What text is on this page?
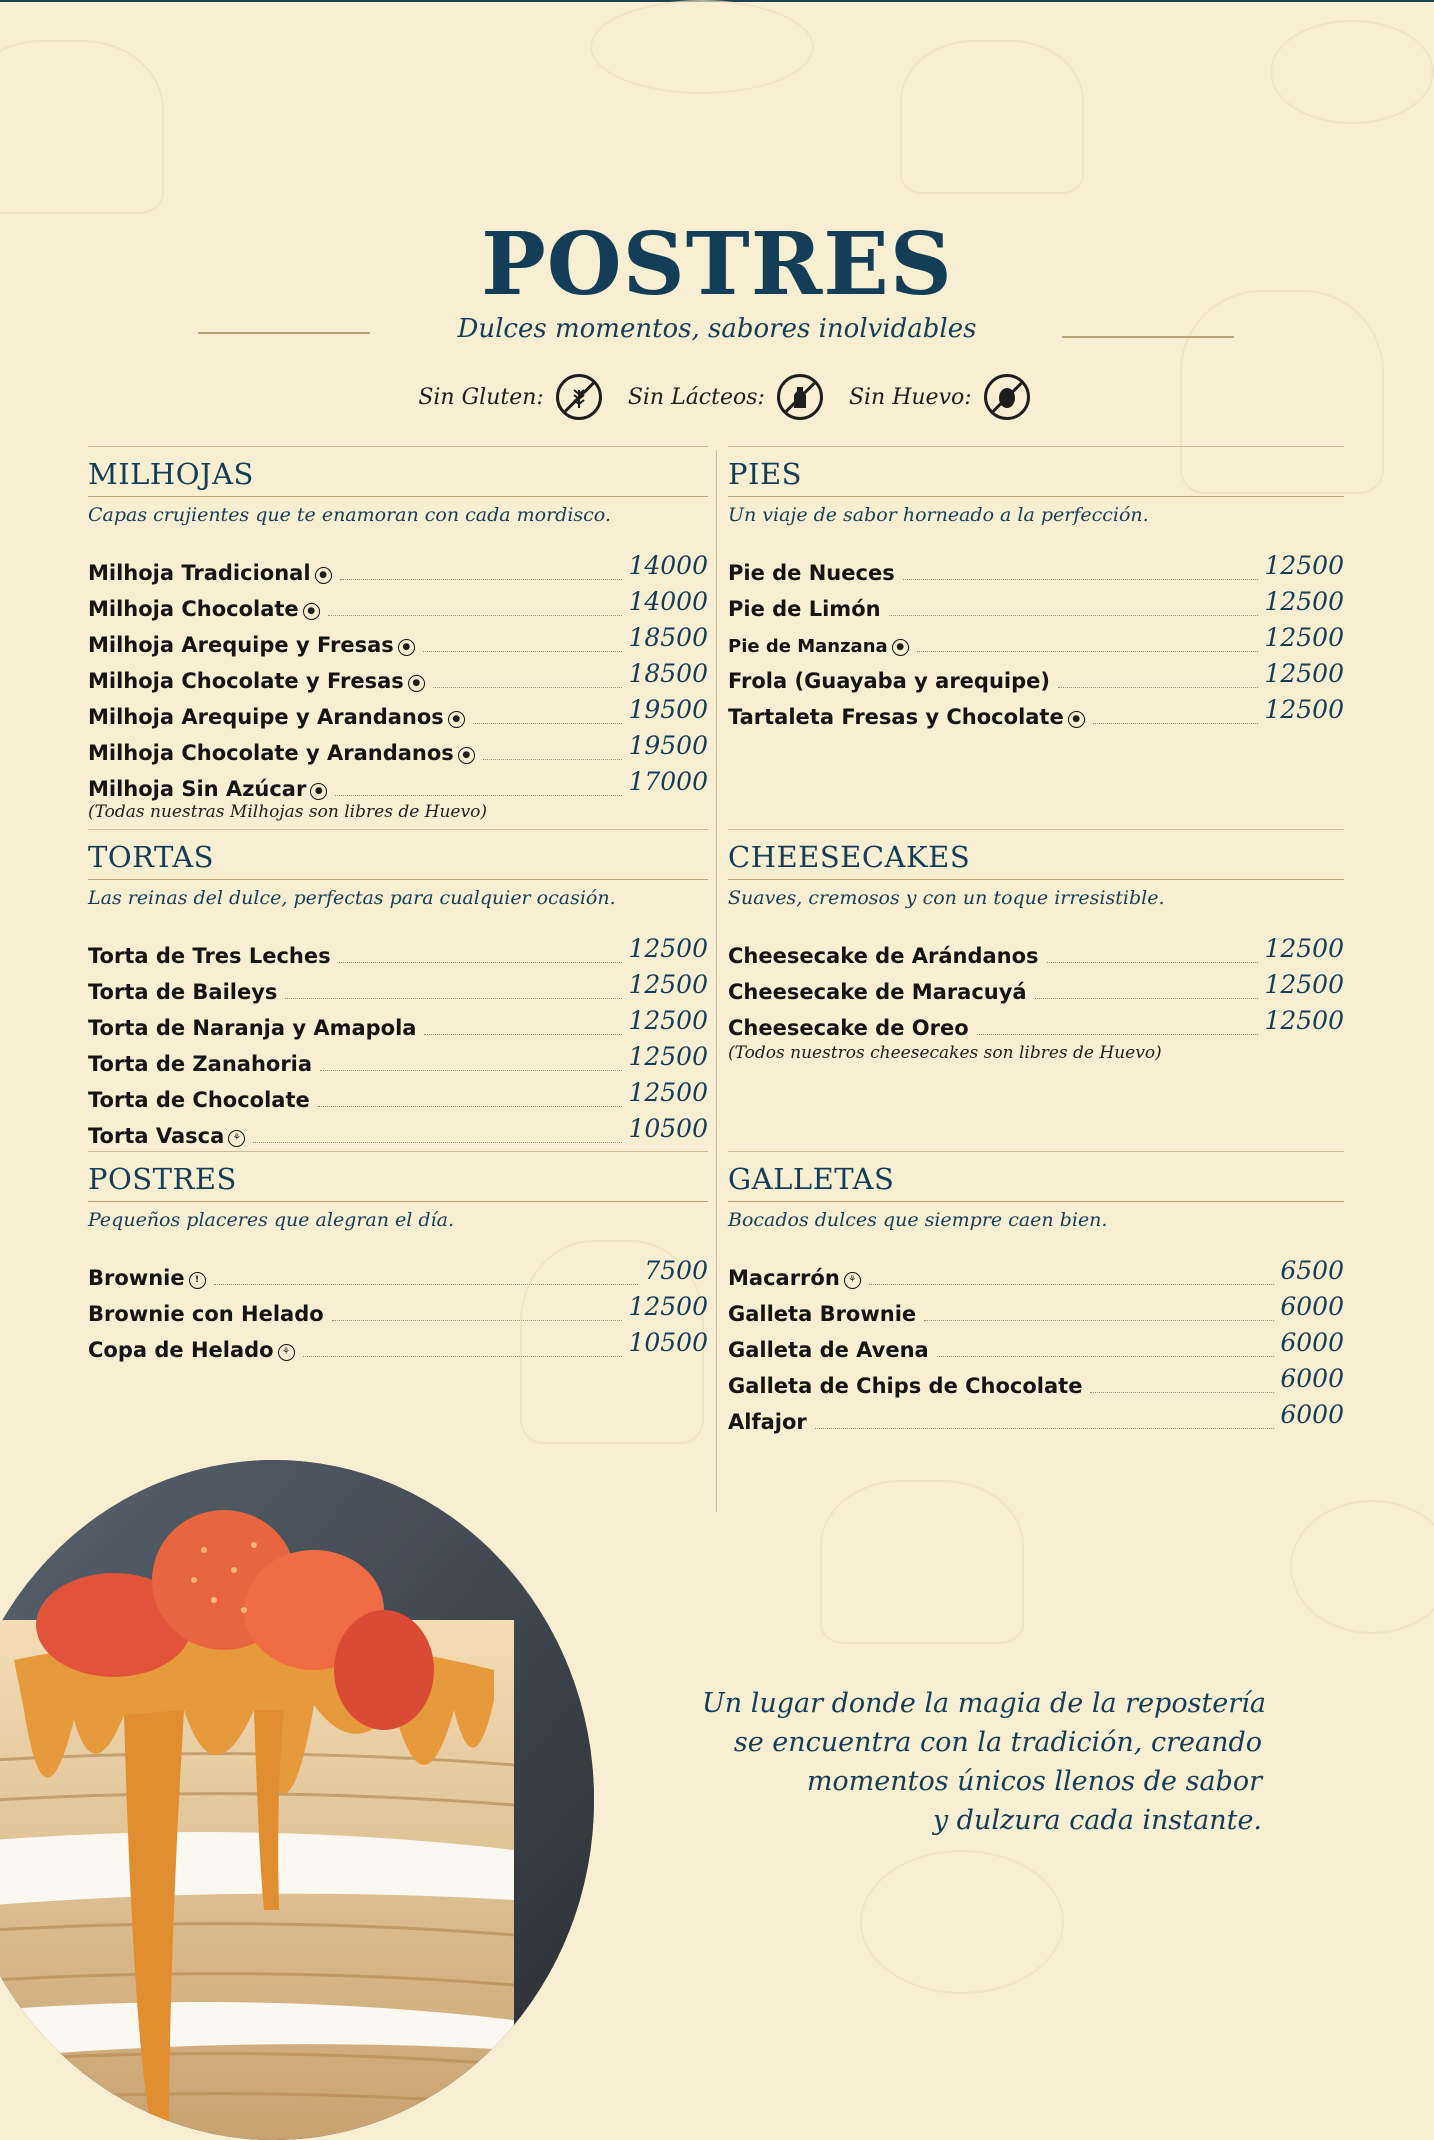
POSTRES
Dulces momentos, sabores inolvidables
Sin Gluten:	Sin Lácteos:	Sin Huevo:
MILHOJAS
Capas crujientes que te enamoran con cada mordisco.
Milhoja Tradicional ●	14000
Milhoja Chocolate ●	14000
Milhoja Arequipe y Fresas ●	18500
Milhoja Chocolate y Fresas ●	18500
Milhoja Arequipe y Arandanos ●	19500
Milhoja Chocolate y Arandanos ●	19500
Milhoja Sin Azúcar ●	17000
(Todas nuestras Milhojas son libres de Huevo)
PIES
Un viaje de sabor horneado a la perfección.
Pie de Nueces	12500
Pie de Limón	12500
Pie de Manzana ●	12500
Frola (Guayaba y arequipe)	12500
Tartaleta Fresas y Chocolate ●	12500
TORTAS
Las reinas del dulce, perfectas para cualquier ocasión.
Torta de Tres Leches	12500
Torta de Baileys	12500
Torta de Naranja y Amapola	12500
Torta de Zanahoria	12500
Torta de Chocolate	12500
Torta Vasca ⚘	10500
CHEESECAKES
Suaves, cremosos y con un toque irresistible.
Cheesecake de Arándanos	12500
Cheesecake de Maracuyá	12500
Cheesecake de Oreo	12500
(Todos nuestros cheesecakes son libres de Huevo)
POSTRES
Pequeños placeres que alegran el día.
Brownie	!	7500
Brownie con Helado	12500
Copa de Helado ⚘	10500
GALLETAS
Bocados dulces que siempre caen bien.
Macarrón ⚘	6500
Galleta Brownie	6000
Galleta de Avena	6000
Galleta de Chips de Chocolate	6000
Alfajor	6000
Un lugar donde la magia de la repostería
se encuentra con la tradición, creando
momentos únicos llenos de sabor
y dulzura cada instante.
